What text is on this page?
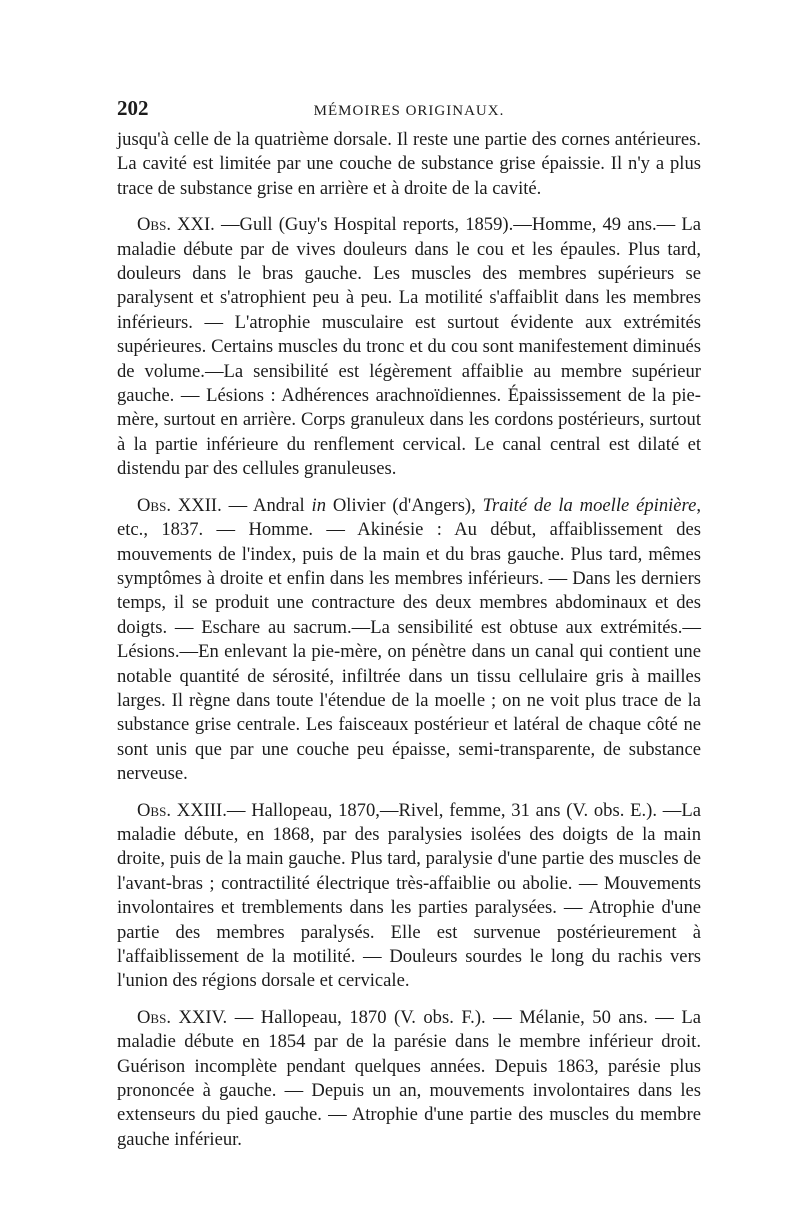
202	MÉMOIRES ORIGINAUX.

jusqu'à celle de la quatrième dorsale. Il reste une partie des cornes antérieures. La cavité est limitée par une couche de substance grise épaissie. Il n'y a plus trace de substance grise en arrière et à droite de la cavité.

Obs. XXI. —Gull (Guy's Hospital reports, 1859).—Homme, 49 ans.— La maladie débute par de vives douleurs dans le cou et les épaules. Plus tard, douleurs dans le bras gauche. Les muscles des membres supérieurs se paralysent et s'atrophient peu à peu. La motilité s'affaiblit dans les membres inférieurs. — L'atrophie musculaire est surtout évidente aux extrémités supérieures. Certains muscles du tronc et du cou sont manifestement diminués de volume.—La sensibilité est légèrement affaiblie au membre supérieur gauche. — Lésions : Adhérences arachnoïdiennes. Épaississement de la pie-mère, surtout en arrière. Corps granuleux dans les cordons postérieurs, surtout à la partie inférieure du renflement cervical. Le canal central est dilaté et distendu par des cellules granuleuses.

Obs. XXII. — Andral in Olivier (d'Angers), Traité de la moelle épinière, etc., 1837. — Homme. — Akinésie : Au début, affaiblissement des mouvements de l'index, puis de la main et du bras gauche. Plus tard, mêmes symptômes à droite et enfin dans les membres inférieurs. — Dans les derniers temps, il se produit une contracture des deux membres abdominaux et des doigts. — Eschare au sacrum.—La sensibilité est obtuse aux extrémités.—Lésions.—En enlevant la pie-mère, on pénètre dans un canal qui contient une notable quantité de sérosité, infiltrée dans un tissu cellulaire gris à mailles larges. Il règne dans toute l'étendue de la moelle ; on ne voit plus trace de la substance grise centrale. Les faisceaux postérieur et latéral de chaque côté ne sont unis que par une couche peu épaisse, semi-transparente, de substance nerveuse.

Obs. XXIII.— Hallopeau, 1870,—Rivel, femme, 31 ans (V. obs. E.). —La maladie débute, en 1868, par des paralysies isolées des doigts de la main droite, puis de la main gauche. Plus tard, paralysie d'une partie des muscles de l'avant-bras ; contractilité électrique très-affaiblie ou abolie. — Mouvements involontaires et tremblements dans les parties paralysées. — Atrophie d'une partie des membres paralysés. Elle est survenue postérieurement à l'affaiblissement de la motilité. — Douleurs sourdes le long du rachis vers l'union des régions dorsale et cervicale.

Obs. XXIV. — Hallopeau, 1870 (V. obs. F.). — Mélanie, 50 ans. — La maladie débute en 1854 par de la parésie dans le membre inférieur droit. Guérison incomplète pendant quelques années. Depuis 1863, parésie plus prononcée à gauche. — Depuis un an, mouvements involontaires dans les extenseurs du pied gauche. — Atrophie d'une partie des muscles du membre gauche inférieur.
